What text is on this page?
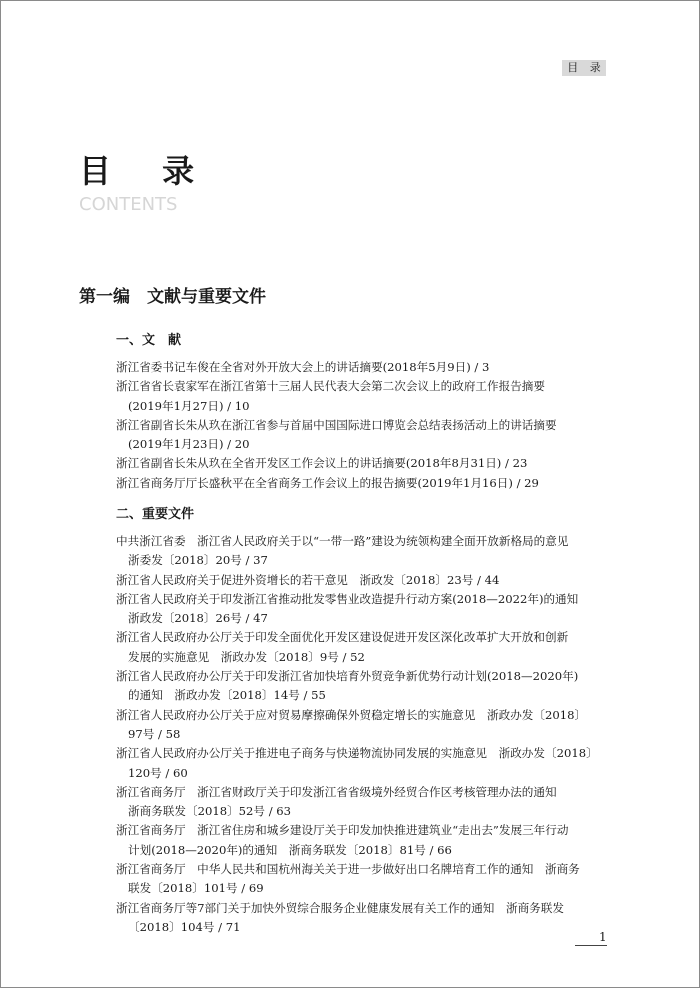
目 录
目 录
CONTENTS
第一编　文献与重要文件
一、文　献
浙江省委书记车俊在全省对外开放大会上的讲话摘要(2018年5月9日) / 3
浙江省省长袁家军在浙江省第十三届人民代表大会第二次会议上的政府工作报告摘要
(2019年1月27日) / 10
浙江省副省长朱从玖在浙江省参与首届中国国际进口博览会总结表扬活动上的讲话摘要
(2019年1月23日) / 20
浙江省副省长朱从玖在全省开发区工作会议上的讲话摘要(2018年8月31日) / 23
浙江省商务厅厅长盛秋平在全省商务工作会议上的报告摘要(2019年1月16日) / 29
二、重要文件
中共浙江省委　浙江省人民政府关于以“一带一路”建设为统领构建全面开放新格局的意见
浙委发〔2018〕20号 / 37
浙江省人民政府关于促进外资增长的若干意见　浙政发〔2018〕23号 / 44
浙江省人民政府关于印发浙江省推动批发零售业改造提升行动方案(2018—2022年)的通知
浙政发〔2018〕26号 / 47
浙江省人民政府办公厅关于印发全面优化开发区建设促进开发区深化改革扩大开放和创新
发展的实施意见　浙政办发〔2018〕9号 / 52
浙江省人民政府办公厅关于印发浙江省加快培育外贸竞争新优势行动计划(2018—2020年)
的通知　浙政办发〔2018〕14号 / 55
浙江省人民政府办公厅关于应对贸易摩擦确保外贸稳定增长的实施意见　浙政办发〔2018〕
97号 / 58
浙江省人民政府办公厅关于推进电子商务与快递物流协同发展的实施意见　浙政办发〔2018〕
120号 / 60
浙江省商务厅　浙江省财政厅关于印发浙江省省级境外经贸合作区考核管理办法的通知
浙商务联发〔2018〕52号 / 63
浙江省商务厅　浙江省住房和城乡建设厅关于印发加快推进建筑业“走出去”发展三年行动
计划(2018—2020年)的通知　浙商务联发〔2018〕81号 / 66
浙江省商务厅　中华人民共和国杭州海关关于进一步做好出口名牌培育工作的通知　浙商务
联发〔2018〕101号 / 69
浙江省商务厅等7部门关于加快外贸综合服务企业健康发展有关工作的通知　浙商务联发
〔2018〕104号 / 71
1
